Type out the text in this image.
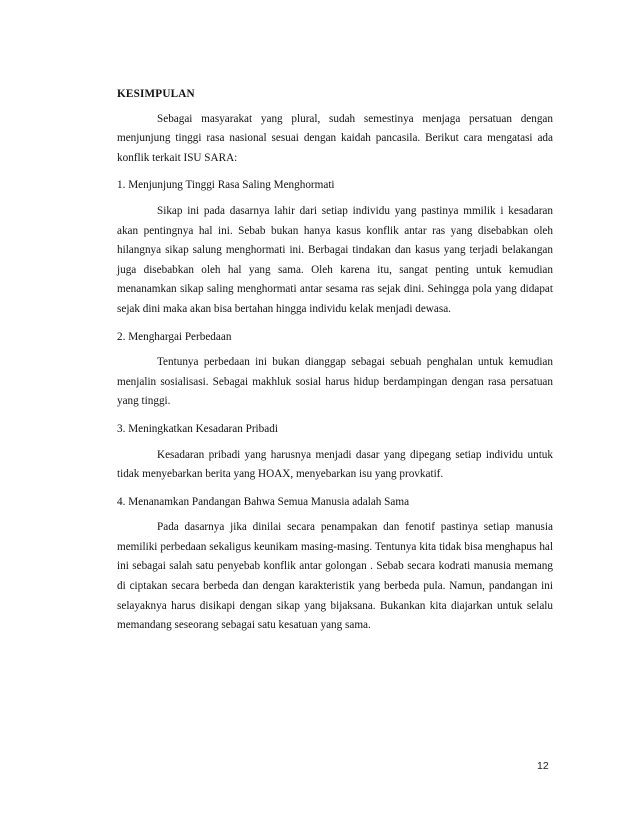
KESIMPULAN

Sebagai masyarakat yang plural, sudah semestinya menjaga persatuan dengan menjunjung tinggi rasa nasional sesuai dengan kaidah pancasila. Berikut cara mengatasi ada konflik terkait ISU SARA:

1. Menjunjung Tinggi Rasa Saling Menghormati

Sikap ini pada dasarnya lahir dari setiap individu yang pastinya mmilik i kesadaran akan pentingnya hal ini. Sebab bukan hanya kasus konflik antar ras yang disebabkan oleh hilangnya sikap salung menghormati ini. Berbagai tindakan dan kasus yang terjadi belakangan juga disebabkan oleh hal yang sama. Oleh karena itu, sangat penting untuk kemudian menanamkan sikap saling menghormati antar sesama ras sejak dini. Sehingga pola yang didapat sejak dini maka akan bisa bertahan hingga individu kelak menjadi dewasa.

2. Menghargai Perbedaan

Tentunya perbedaan ini bukan dianggap sebagai sebuah penghalan untuk kemudian menjalin sosialisasi. Sebagai makhluk sosial harus hidup berdampingan dengan rasa persatuan yang tinggi.

3. Meningkatkan Kesadaran Pribadi

Kesadaran pribadi yang harusnya menjadi dasar yang dipegang setiap individu untuk tidak menyebarkan berita yang HOAX, menyebarkan isu yang provkatif.

4. Menanamkan Pandangan Bahwa Semua Manusia adalah Sama

Pada dasarnya jika dinilai secara penampakan dan fenotif pastinya setiap manusia memiliki perbedaan sekaligus keunikam masing-masing. Tentunya kita tidak bisa menghapus hal ini sebagai salah satu penyebab konflik antar golongan . Sebab secara kodrati manusia memang di ciptakan secara berbeda dan dengan karakteristik yang berbeda pula. Namun, pandangan ini selayaknya harus disikapi dengan sikap yang bijaksana. Bukankan kita diajarkan untuk selalu memandang seseorang sebagai satu kesatuan yang sama.

12
